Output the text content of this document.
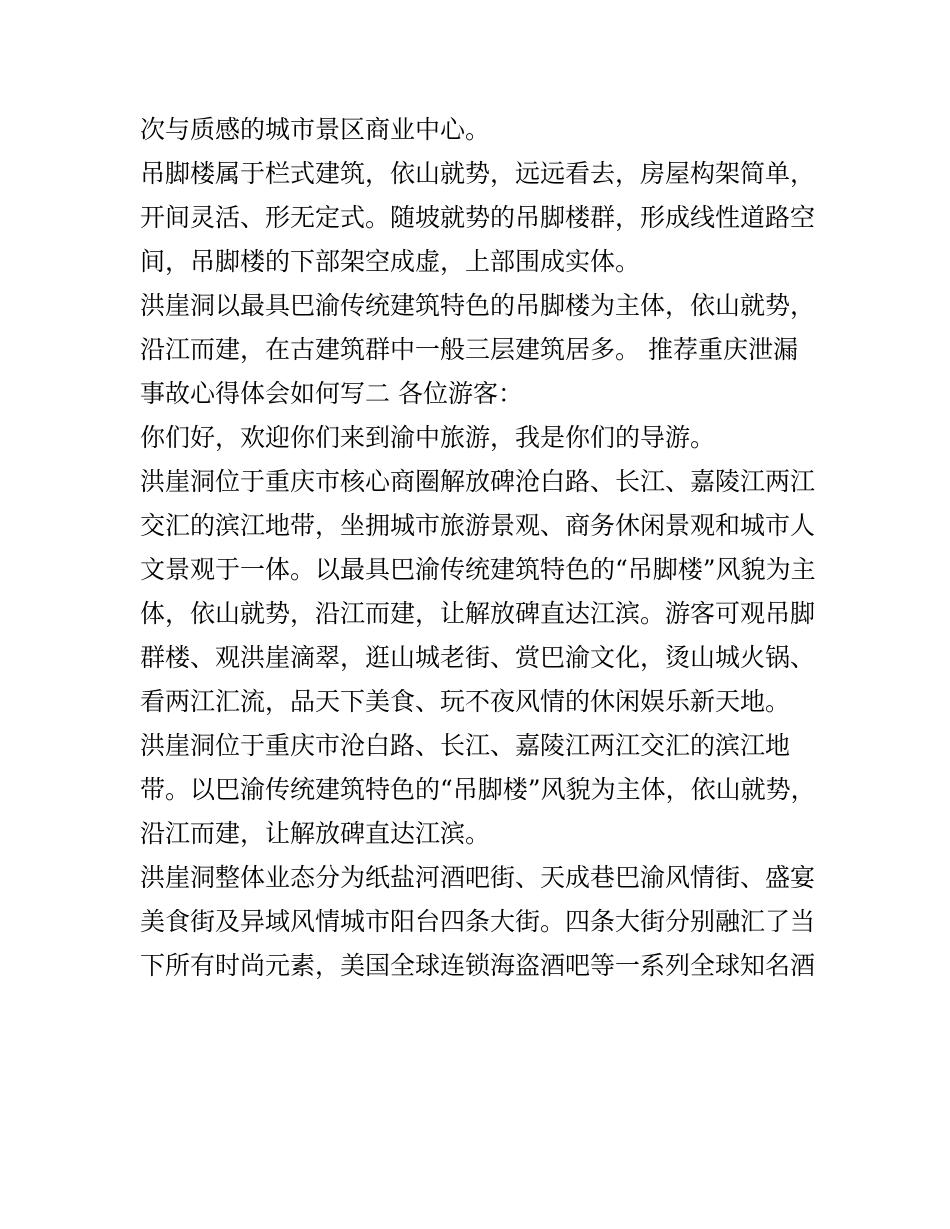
次与质感的城市景区商业中心。
吊脚楼属于栏式建筑，依山就势，远远看去，房屋构架简单，
开间灵活、形无定式。随坡就势的吊脚楼群，形成线性道路空
间，吊脚楼的下部架空成虚，上部围成实体。
洪崖洞以最具巴渝传统建筑特色的吊脚楼为主体，依山就势，
沿江而建，在古建筑群中一般三层建筑居多。 推荐重庆泄漏
事故心得体会如何写二 各位游客：
你们好，欢迎你们来到渝中旅游，我是你们的导游。
洪崖洞位于重庆市核心商圈解放碑沧白路、长江、嘉陵江两江
交汇的滨江地带，坐拥城市旅游景观、商务休闲景观和城市人
文景观于一体。以最具巴渝传统建筑特色的“吊脚楼”风貌为主
体，依山就势，沿江而建，让解放碑直达江滨。游客可观吊脚
群楼、观洪崖滴翠，逛山城老街、赏巴渝文化，烫山城火锅、
看两江汇流，品天下美食、玩不夜风情的休闲娱乐新天地。
洪崖洞位于重庆市沧白路、长江、嘉陵江两江交汇的滨江地
带。以巴渝传统建筑特色的“吊脚楼”风貌为主体，依山就势，
沿江而建，让解放碑直达江滨。
洪崖洞整体业态分为纸盐河酒吧街、天成巷巴渝风情街、盛宴
美食街及异域风情城市阳台四条大街。四条大街分别融汇了当
下所有时尚元素，美国全球连锁海盗酒吧等一系列全球知名酒
